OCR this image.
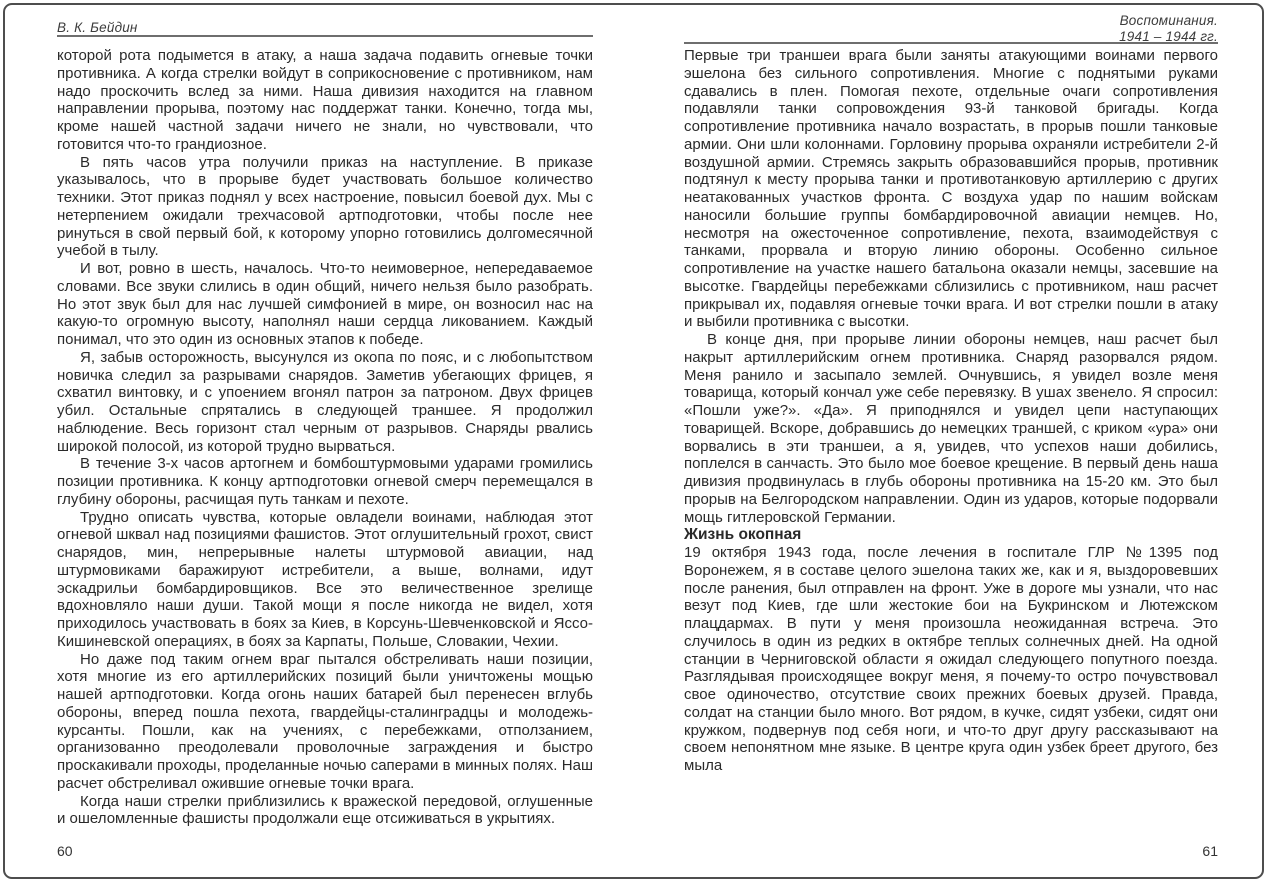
В. К. Бейдин

которой рота подымется в атаку, а наша задача подавить огневые точки противника. А когда стрелки войдут в соприкосновение с противником, нам надо проскочить вслед за ними. Наша дивизия находится на главном направлении прорыва, поэтому нас поддержат танки. Конечно, тогда мы, кроме нашей частной задачи ничего не знали, но чувствовали, что готовится что-то грандиозное.

В пять часов утра получили приказ на наступление. В приказе указывалось, что в прорыве будет участвовать большое количество техники. Этот приказ поднял у всех настроение, повысил боевой дух. Мы с нетерпением ожидали трехчасовой артподготовки, чтобы после нее ринуться в свой первый бой, к которому упорно готовились долгомесячной учебой в тылу.

И вот, ровно в шесть, началось. Что-то неимоверное, непередаваемое словами. Все звуки слились в один общий, ничего нельзя было разобрать. Но этот звук был для нас лучшей симфонией в мире, он возносил нас на какую-то огромную высоту, наполнял наши сердца ликованием. Каждый понимал, что это один из основных этапов к победе.

Я, забыв осторожность, высунулся из окопа по пояс, и с любопытством новичка следил за разрывами снарядов. Заметив убегающих фрицев, я схватил винтовку, и с упоением вгонял патрон за патроном. Двух фрицев убил. Остальные спрятались в следующей траншее. Я продолжил наблюдение. Весь горизонт стал черным от разрывов. Снаряды рвались широкой полосой, из которой трудно вырваться.

В течение 3-х часов артогнем и бомбоштурмовыми ударами громились позиции противника. К концу артподготовки огневой смерч перемещался в глубину обороны, расчищая путь танкам и пехоте.

Трудно описать чувства, которые овладели воинами, наблюдая этот огневой шквал над позициями фашистов. Этот оглушительный грохот, свист снарядов, мин, непрерывные налеты штурмовой авиации, над штурмовиками баражируют истребители, а выше, волнами, идут эскадрильи бомбардировщиков. Все это величественное зрелище вдохновляло наши души. Такой мощи я после никогда не видел, хотя приходилось участвовать в боях за Киев, в Корсунь-Шевченковской и Яссо-Кишиневской операциях, в боях за Карпаты, Польше, Словакии, Чехии.

Но даже под таким огнем враг пытался обстреливать наши позиции, хотя многие из его артиллерийских позиций были уничтожены мощью нашей артподготовки. Когда огонь наших батарей был перенесен вглубь обороны, вперед пошла пехота, гвардейцы-сталинградцы и молодежь-курсанты. Пошли, как на учениях, с перебежками, отползанием, организованно преодолевали проволочные заграждения и быстро проскакивали проходы, проделанные ночью саперами в минных полях. Наш расчет обстреливал ожившие огневые точки врага.

Когда наши стрелки приблизились к вражеской передовой, оглушенные и ошеломленные фашисты продолжали еще отсиживаться в укрытиях.

60
Воспоминания.
1941 – 1944 гг.

Первые три траншеи врага были заняты атакующими воинами первого эшелона без сильного сопротивления. Многие с поднятыми руками сдавались в плен. Помогая пехоте, отдельные очаги сопротивления подавляли танки сопровождения 93-й танковой бригады. Когда сопротивление противника начало возрастать, в прорыв пошли танковые армии. Они шли колоннами. Горловину прорыва охраняли истребители 2-й воздушной армии. Стремясь закрыть образовавшийся прорыв, противник подтянул к месту прорыва танки и противотанковую артиллерию с других неатакованных участков фронта. С воздуха удар по нашим войскам наносили большие группы бомбардировочной авиации немцев. Но, несмотря на ожесточенное сопротивление, пехота, взаимодействуя с танками, прорвала и вторую линию обороны. Особенно сильное сопротивление на участке нашего батальона оказали немцы, засевшие на высотке. Гвардейцы перебежками сблизились с противником, наш расчет прикрывал их, подавляя огневые точки врага. И вот стрелки пошли в атаку и выбили противника с высотки.

В конце дня, при прорыве линии обороны немцев, наш расчет был накрыт артиллерийским огнем противника. Снаряд разорвался рядом. Меня ранило и засыпало землей. Очнувшись, я увидел возле меня товарища, который кончал уже себе перевязку. В ушах звенело. Я спросил: «Пошли уже?». «Да». Я приподнялся и увидел цепи наступающих товарищей. Вскоре, добравшись до немецких траншей, с криком «ура» они ворвались в эти траншеи, а я, увидев, что успехов наши добились, поплелся в санчасть. Это было мое боевое крещение. В первый день наша дивизия продвинулась в глубь обороны противника на 15-20 км. Это был прорыв на Белгородском направлении. Один из ударов, которые подорвали мощь гитлеровской Германии.

Жизнь окопная

19 октября 1943 года, после лечения в госпитале ГЛР №1395 под Воронежем, я в составе целого эшелона таких же, как и я, выздоровевших после ранения, был отправлен на фронт. Уже в дороге мы узнали, что нас везут под Киев, где шли жестокие бои на Букринском и Лютежском плацдармах. В пути у меня произошла неожиданная встреча. Это случилось в один из редких в октябре теплых солнечных дней. На одной станции в Черниговской области я ожидал следующего попутного поезда. Разглядывая происходящее вокруг меня, я почему-то остро почувствовал свое одиночество, отсутствие своих прежних боевых друзей. Правда, солдат на станции было много. Вот рядом, в кучке, сидят узбеки, сидят они кружком, подвернув под себя ноги, и что-то друг другу рассказывают на своем непонятном мне языке. В центре круга один узбек бреет другого, без мыла

61
